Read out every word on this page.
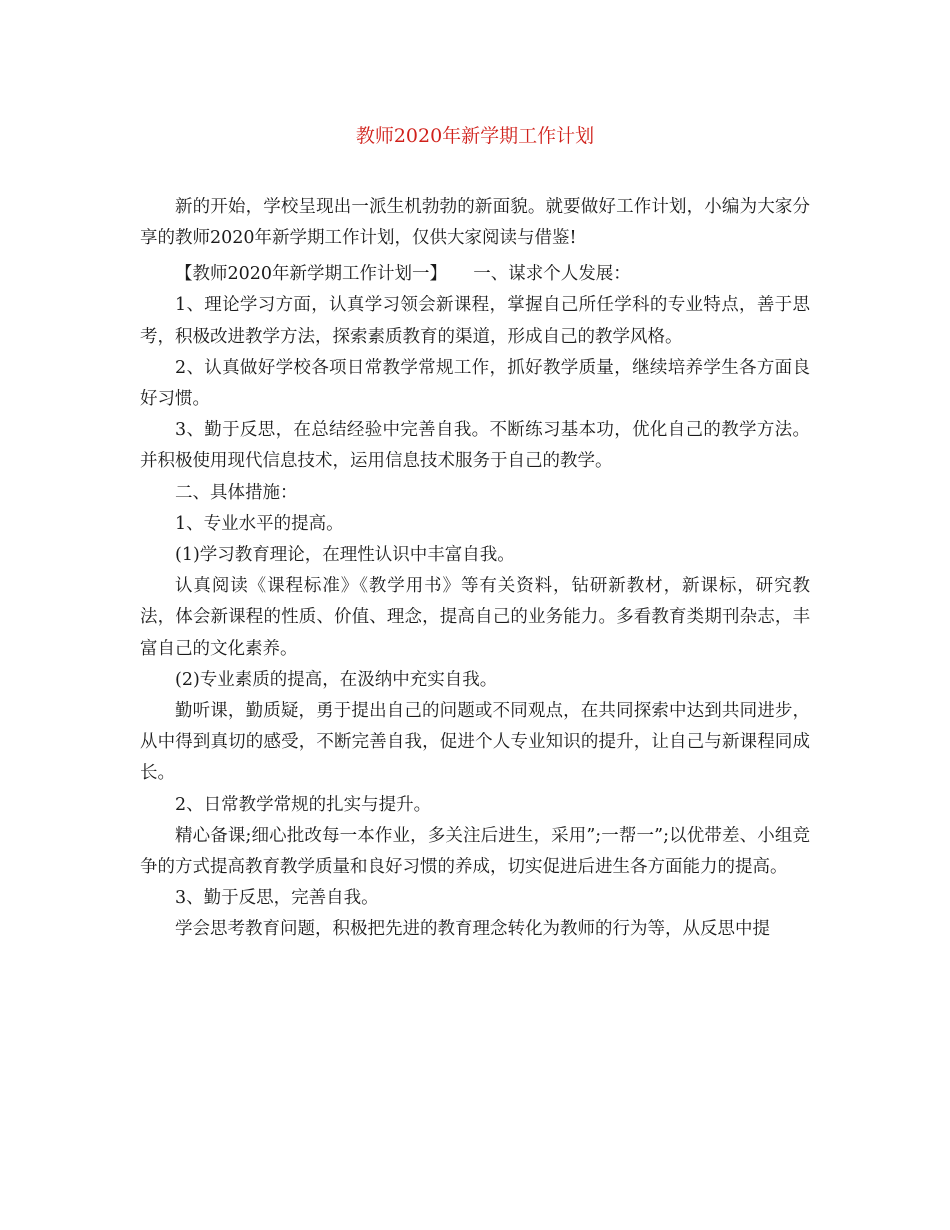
教师2020年新学期工作计划

新的开始，学校呈现出一派生机勃勃的新面貌。就要做好工作计划，小编为大家分享的教师2020年新学期工作计划，仅供大家阅读与借鉴!

【教师2020年新学期工作计划一】　　一、谋求个人发展：

1、理论学习方面，认真学习领会新课程，掌握自己所任学科的专业特点，善于思考，积极改进教学方法，探索素质教育的渠道，形成自己的教学风格。

2、认真做好学校各项日常教学常规工作，抓好教学质量，继续培养学生各方面良好习惯。

3、勤于反思，在总结经验中完善自我。不断练习基本功，优化自己的教学方法。并积极使用现代信息技术，运用信息技术服务于自己的教学。

二、具体措施：

1、专业水平的提高。

(1)学习教育理论，在理性认识中丰富自我。

认真阅读《课程标准》《教学用书》等有关资料，钻研新教材，新课标，研究教法，体会新课程的性质、价值、理念，提高自己的业务能力。多看教育类期刊杂志，丰富自己的文化素养。

(2)专业素质的提高，在汲纳中充实自我。

勤听课，勤质疑，勇于提出自己的问题或不同观点，在共同探索中达到共同进步，从中得到真切的感受，不断完善自我，促进个人专业知识的提升，让自己与新课程同成长。

2、日常教学常规的扎实与提升。

精心备课;细心批改每一本作业，多关注后进生，采用”;一帮一”;以优带差、小组竞争的方式提高教育教学质量和良好习惯的养成，切实促进后进生各方面能力的提高。

3、勤于反思，完善自我。

学会思考教育问题，积极把先进的教育理念转化为教师的行为等，从反思中提
